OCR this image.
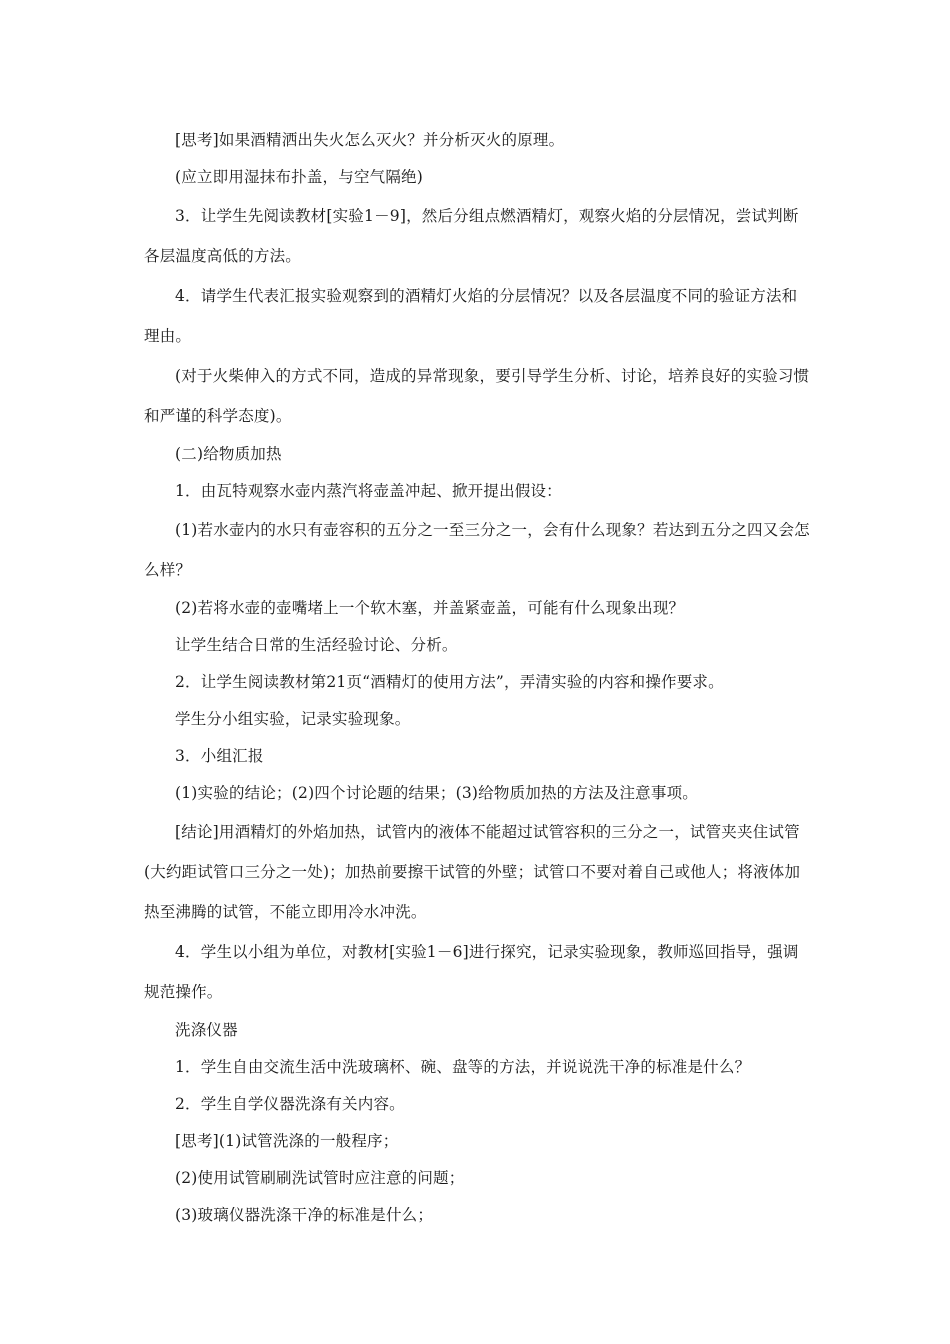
[思考]如果酒精洒出失火怎么灭火？并分析灭火的原理。

(应立即用湿抹布扑盖，与空气隔绝)

3．让学生先阅读教材[实验1－9]，然后分组点燃酒精灯，观察火焰的分层情况，尝试判断各层温度高低的方法。

4．请学生代表汇报实验观察到的酒精灯火焰的分层情况？以及各层温度不同的验证方法和理由。

(对于火柴伸入的方式不同，造成的异常现象，要引导学生分析、讨论，培养良好的实验习惯和严谨的科学态度)。

(二)给物质加热

1．由瓦特观察水壶内蒸汽将壶盖冲起、掀开提出假设：

(1)若水壶内的水只有壶容积的五分之一至三分之一，会有什么现象？若达到五分之四又会怎么样？

(2)若将水壶的壶嘴堵上一个软木塞，并盖紧壶盖，可能有什么现象出现？

让学生结合日常的生活经验讨论、分析。

2．让学生阅读教材第21页“酒精灯的使用方法”，弄清实验的内容和操作要求。

学生分小组实验，记录实验现象。

3．小组汇报

(1)实验的结论；(2)四个讨论题的结果；(3)给物质加热的方法及注意事项。

[结论]用酒精灯的外焰加热，试管内的液体不能超过试管容积的三分之一，试管夹夹住试管(大约距试管口三分之一处)；加热前要擦干试管的外壁；试管口不要对着自己或他人；将液体加热至沸腾的试管，不能立即用冷水冲洗。

4．学生以小组为单位，对教材[实验1－6]进行探究，记录实验现象，教师巡回指导，强调规范操作。

洗涤仪器

1．学生自由交流生活中洗玻璃杯、碗、盘等的方法，并说说洗干净的标准是什么？

2．学生自学仪器洗涤有关内容。

[思考](1)试管洗涤的一般程序；

(2)使用试管刷刷洗试管时应注意的问题；

(3)玻璃仪器洗涤干净的标准是什么；
